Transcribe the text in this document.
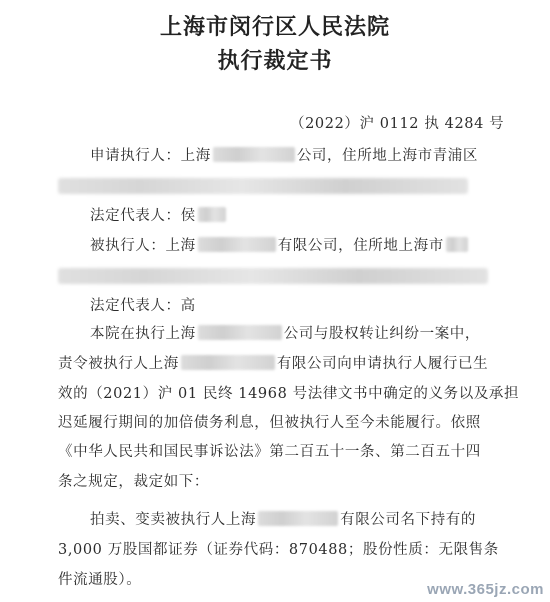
上海市闵行区人民法院
执行裁定书
（2022）沪 0112 执 4284 号
申请执行人：上海	公司，住所地上海市青浦区
法定代表人：侯
被执行人：上海	有限公司，住所地上海市
法定代表人：高
本院在执行上海	公司与股权转让纠纷一案中，
责令被执行人上海	有限公司向申请执行人履行已生
效的（2021）沪 01 民终 14968 号法律文书中确定的义务以及承担
迟延履行期间的加倍债务利息，但被执行人至今未能履行。依照
《中华人民共和国民事诉讼法》第二百五十一条、第二百五十四
条之规定，裁定如下：
拍卖、变卖被执行人上海	有限公司名下持有的
3,000 万股国都证券（证券代码：870488；股份性质：无限售条
件流通股）。
www.365jz.com
